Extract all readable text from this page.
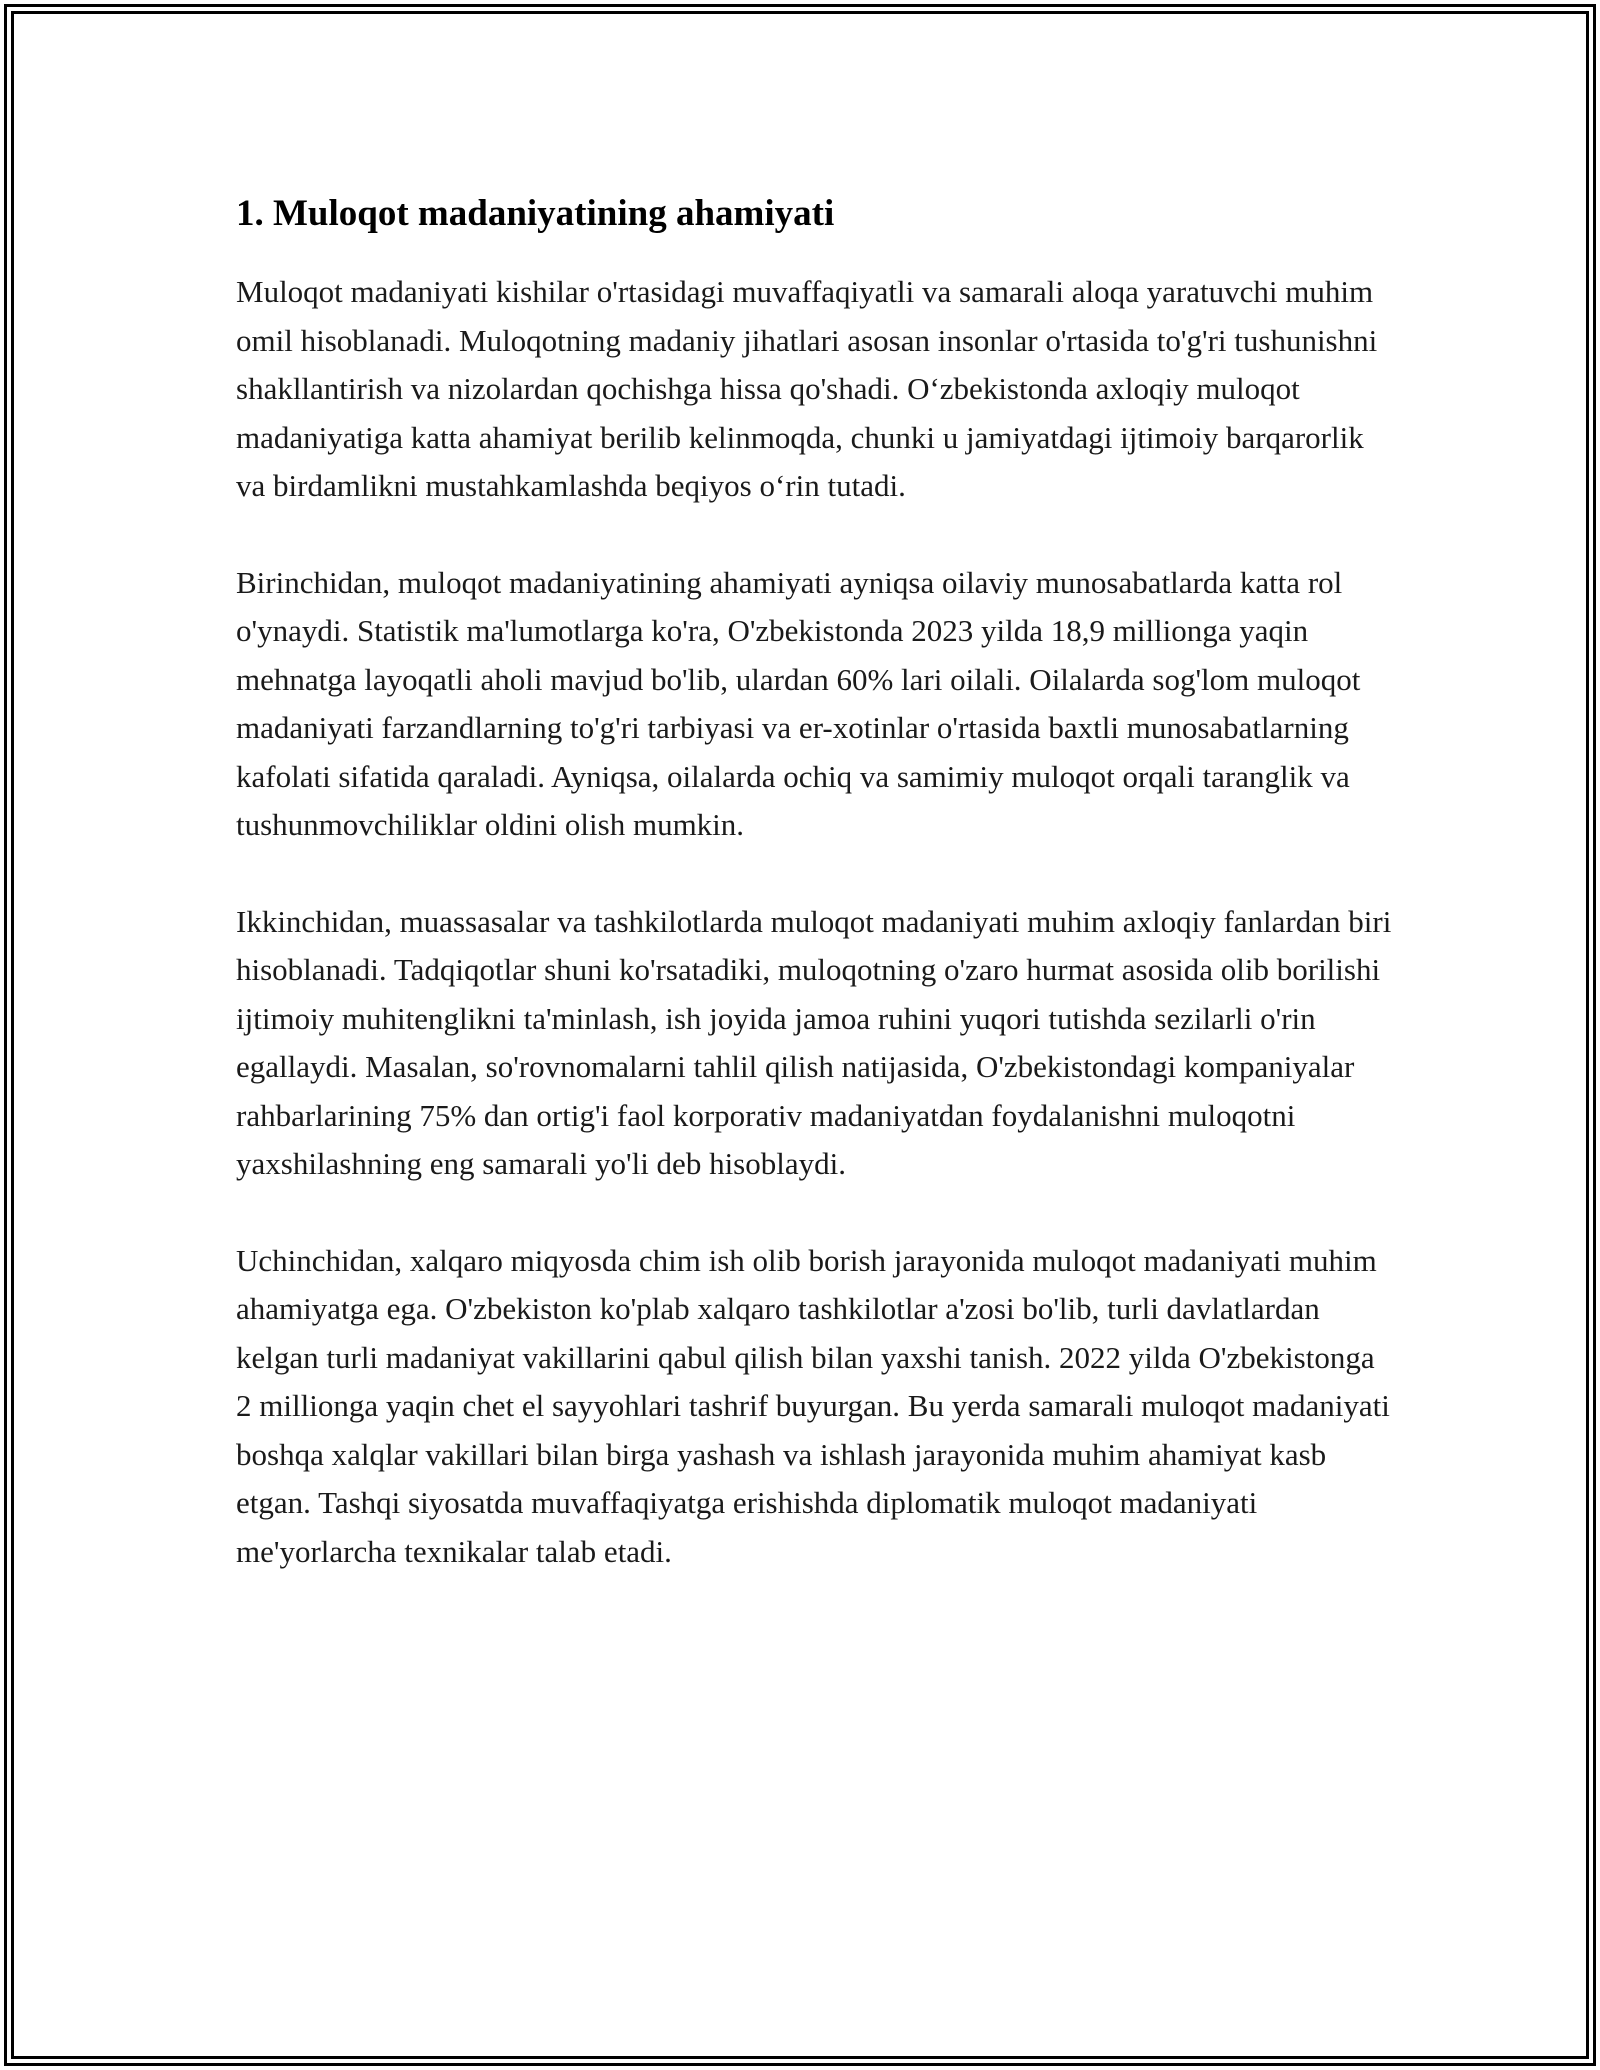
1. Muloqot madaniyatining ahamiyati

Muloqot madaniyati kishilar o'rtasidagi muvaffaqiyatli va samarali aloqa yaratuvchi muhim omil hisoblanadi. Muloqotning madaniy jihatlari asosan insonlar o'rtasida to'g'ri tushunishni shakllantirish va nizolardan qochishga hissa qo'shadi. O‘zbekistonda axloqiy muloqot madaniyatiga katta ahamiyat berilib kelinmoqda, chunki u jamiyatdagi ijtimoiy barqarorlik va birdamlikni mustahkamlashda beqiyos o‘rin tutadi.

Birinchidan, muloqot madaniyatining ahamiyati ayniqsa oilaviy munosabatlarda katta rol o'ynaydi. Statistik ma'lumotlarga ko'ra, O'zbekistonda 2023 yilda 18,9 millionga yaqin mehnatga layoqatli aholi mavjud bo'lib, ulardan 60% lari oilali. Oilalarda sog'lom muloqot madaniyati farzandlarning to'g'ri tarbiyasi va er-xotinlar o'rtasida baxtli munosabatlarning kafolati sifatida qaraladi. Ayniqsa, oilalarda ochiq va samimiy muloqot orqali taranglik va tushunmovchiliklar oldini olish mumkin.

Ikkinchidan, muassasalar va tashkilotlarda muloqot madaniyati muhim axloqiy fanlardan biri hisoblanadi. Tadqiqotlar shuni ko'rsatadiki, muloqotning o'zaro hurmat asosida olib borilishi ijtimoiy muhitenglikni ta'minlash, ish joyida jamoa ruhini yuqori tutishda sezilarli o'rin egallaydi. Masalan, so'rovnomalarni tahlil qilish natijasida, O'zbekistondagi kompaniyalar rahbarlarining 75% dan ortig'i faol korporativ madaniyatdan foydalanishni muloqotni yaxshilashning eng samarali yo'li deb hisoblaydi.

Uchinchidan, xalqaro miqyosda chim ish olib borish jarayonida muloqot madaniyati muhim ahamiyatga ega. O'zbekiston ko'plab xalqaro tashkilotlar a'zosi bo'lib, turli davlatlardan kelgan turli madaniyat vakillarini qabul qilish bilan yaxshi tanish. 2022 yilda O'zbekistonga 2 millionga yaqin chet el sayyohlari tashrif buyurgan. Bu yerda samarali muloqot madaniyati boshqa xalqlar vakillari bilan birga yashash va ishlash jarayonida muhim ahamiyat kasb etgan. Tashqi siyosatda muvaffaqiyatga erishishda diplomatik muloqot madaniyati me'yorlarcha texnikalar talab etadi.
